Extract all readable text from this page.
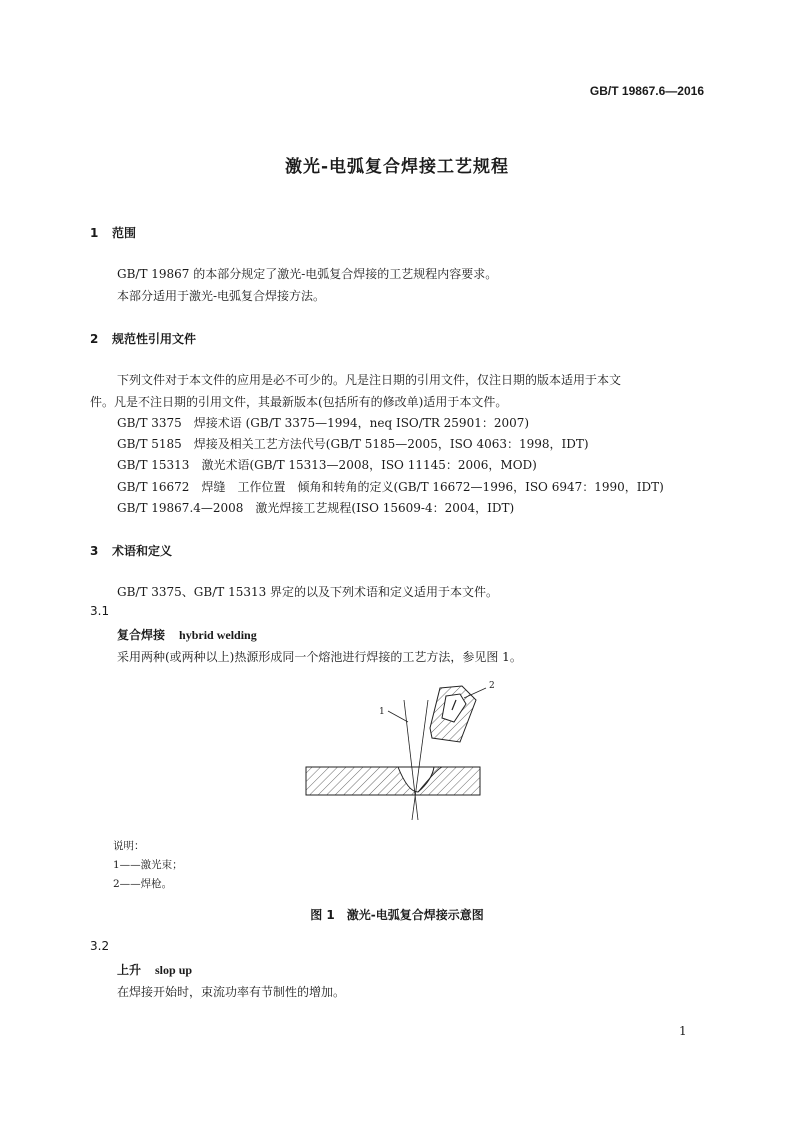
GB/T 19867.6—2016
激光-电弧复合焊接工艺规程
1 范围
GB/T 19867 的本部分规定了激光-电弧复合焊接的工艺规程内容要求。
本部分适用于激光-电弧复合焊接方法。
2 规范性引用文件
下列文件对于本文件的应用是必不可少的。凡是注日期的引用文件，仅注日期的版本适用于本文
件。凡是不注日期的引用文件，其最新版本(包括所有的修改单)适用于本文件。
GB/T 3375　焊接术语 (GB/T 3375—1994，neq ISO/TR 25901：2007)
GB/T 5185　焊接及相关工艺方法代号(GB/T 5185—2005，ISO 4063：1998，IDT)
GB/T 15313　激光术语(GB/T 15313—2008，ISO 11145：2006，MOD)
GB/T 16672　焊缝　工作位置　倾角和转角的定义(GB/T 16672—1996，ISO 6947：1990，IDT)
GB/T 19867.4—2008　激光焊接工艺规程(ISO 15609-4：2004，IDT)
3 术语和定义
GB/T 3375、GB/T 15313 界定的以及下列术语和定义适用于本文件。
3.1
复合焊接 hybrid welding
采用两种(或两种以上)热源形成同一个熔池进行焊接的工艺方法，参见图 1。
1
2
说明：
1——激光束；
2——焊枪。
图 1　激光-电弧复合焊接示意图
3.2
上升 slop up
在焊接开始时，束流功率有节制性的增加。
1
